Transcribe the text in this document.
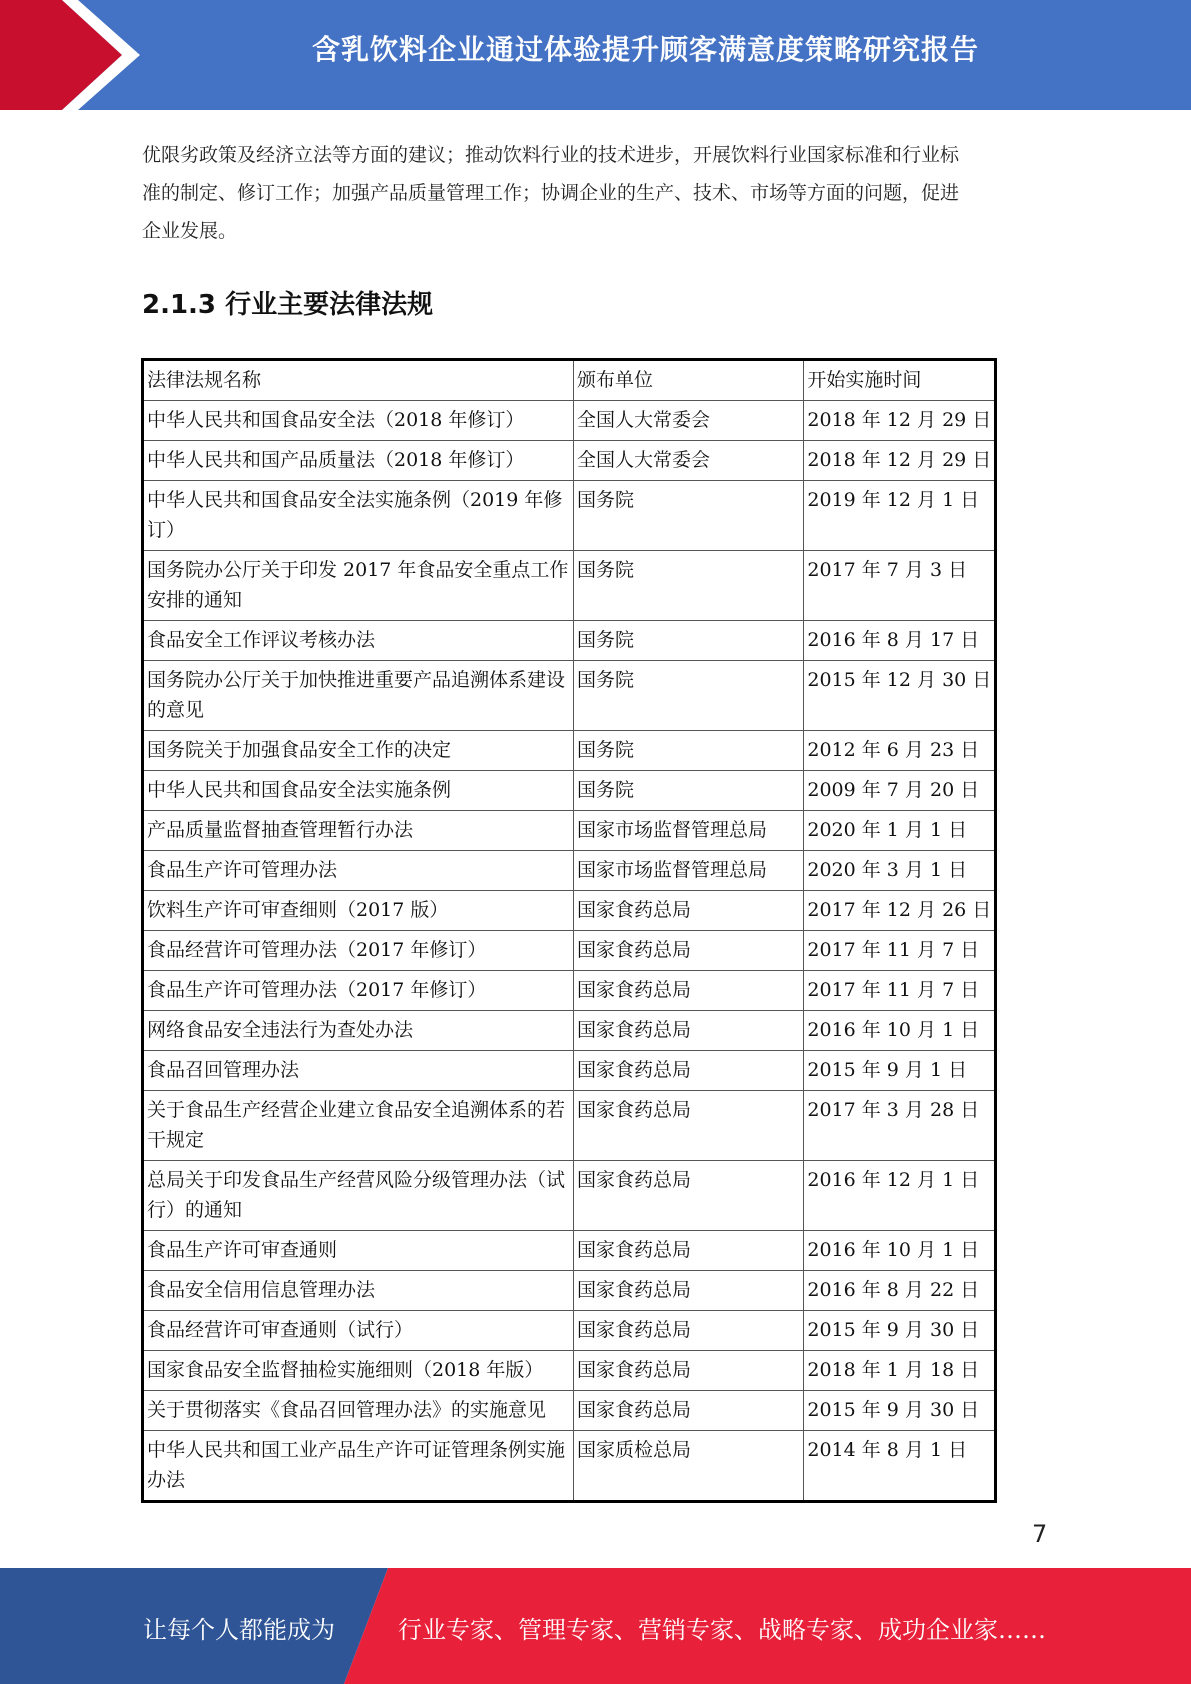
含乳饮料企业通过体验提升顾客满意度策略研究报告
优限劣政策及经济立法等方面的建议；推动饮料行业的技术进步，开展饮料行业国家标准和行业标
准的制定、修订工作；加强产品质量管理工作；协调企业的生产、技术、市场等方面的问题，促进
企业发展。
2.1.3 行业主要法律法规
法律法规名称	颁布单位	开始实施时间
中华人民共和国食品安全法（2018 年修订）	全国人大常委会	2018 年 12 月 29 日
中华人民共和国产品质量法（2018 年修订）	全国人大常委会	2018 年 12 月 29 日
中华人民共和国食品安全法实施条例（2019 年修订）	国务院	2019 年 12 月 1 日
国务院办公厅关于印发 2017 年食品安全重点工作安排的通知	国务院	2017 年 7 月 3 日
食品安全工作评议考核办法	国务院	2016 年 8 月 17 日
国务院办公厅关于加快推进重要产品追溯体系建设的意见	国务院	2015 年 12 月 30 日
国务院关于加强食品安全工作的决定	国务院	2012 年 6 月 23 日
中华人民共和国食品安全法实施条例	国务院	2009 年 7 月 20 日
产品质量监督抽查管理暂行办法	国家市场监督管理总局	2020 年 1 月 1 日
食品生产许可管理办法	国家市场监督管理总局	2020 年 3 月 1 日
饮料生产许可审查细则（2017 版）	国家食药总局	2017 年 12 月 26 日
食品经营许可管理办法（2017 年修订）	国家食药总局	2017 年 11 月 7 日
食品生产许可管理办法（2017 年修订）	国家食药总局	2017 年 11 月 7 日
网络食品安全违法行为查处办法	国家食药总局	2016 年 10 月 1 日
食品召回管理办法	国家食药总局	2015 年 9 月 1 日
关于食品生产经营企业建立食品安全追溯体系的若干规定	国家食药总局	2017 年 3 月 28 日
总局关于印发食品生产经营风险分级管理办法（试行）的通知	国家食药总局	2016 年 12 月 1 日
食品生产许可审查通则	国家食药总局	2016 年 10 月 1 日
食品安全信用信息管理办法	国家食药总局	2016 年 8 月 22 日
食品经营许可审查通则（试行）	国家食药总局	2015 年 9 月 30 日
国家食品安全监督抽检实施细则（2018 年版）	国家食药总局	2018 年 1 月 18 日
关于贯彻落实《食品召回管理办法》的实施意见	国家食药总局	2015 年 9 月 30 日
中华人民共和国工业产品生产许可证管理条例实施办法	国家质检总局	2014 年 8 月 1 日
7
让每个人都能成为	行业专家、管理专家、营销专家、战略专家、成功企业家……
